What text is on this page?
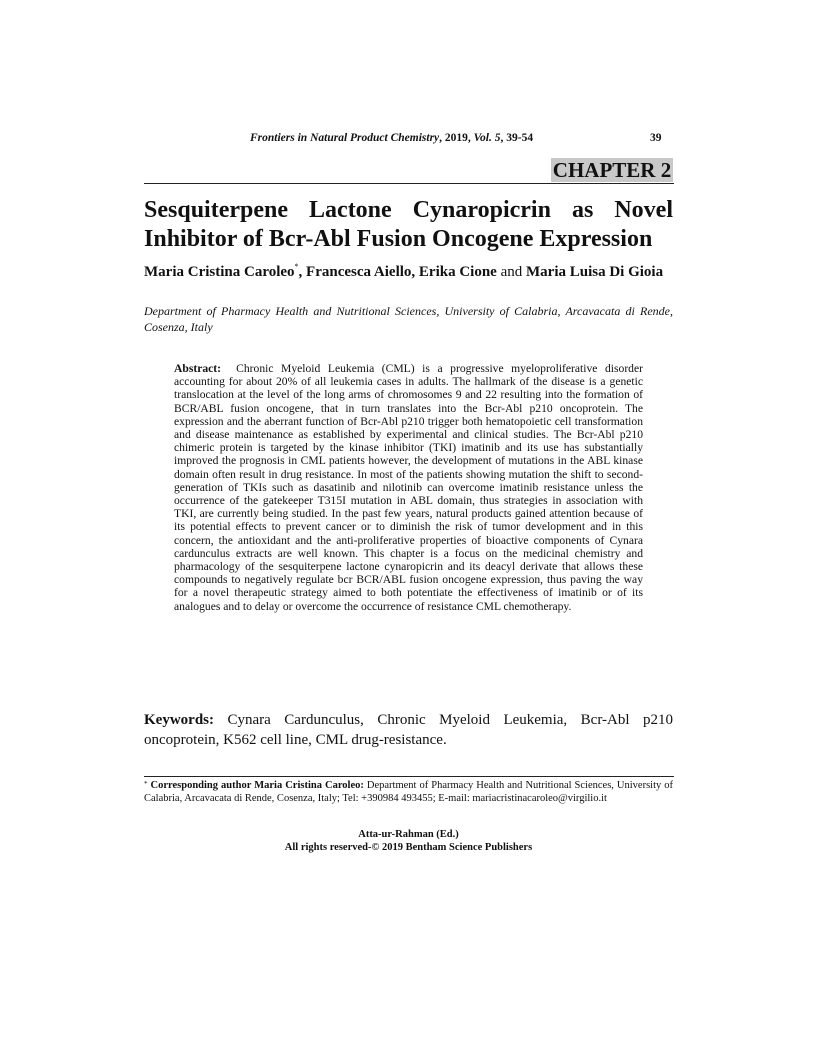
Frontiers in Natural Product Chemistry, 2019, Vol. 5, 39-54	39
CHAPTER 2
Sesquiterpene Lactone Cynaropicrin as Novel Inhibitor of Bcr-Abl Fusion Oncogene Expression

Maria Cristina Caroleo*, Francesca Aiello, Erika Cione and Maria Luisa Di Gioia

Department of Pharmacy Health and Nutritional Sciences, University of Calabria, Arcavacata di Rende, Cosenza, Italy

Abstract: Chronic Myeloid Leukemia (CML) is a progressive myeloproliferative disorder accounting for about 20% of all leukemia cases in adults. The hallmark of the disease is a genetic translocation at the level of the long arms of chromosomes 9 and 22 resulting into the formation of BCR/ABL fusion oncogene, that in turn translates into the Bcr-Abl p210 oncoprotein. The expression and the aberrant function of Bcr-Abl p210 trigger both hematopoietic cell transformation and disease maintenance as established by experimental and clinical studies. The Bcr-Abl p210 chimeric protein is targeted by the kinase inhibitor (TKI) imatinib and its use has substantially improved the prognosis in CML patients however, the development of mutations in the ABL kinase domain often result in drug resistance. In most of the patients showing mutation the shift to second-generation of TKIs such as dasatinib and nilotinib can overcome imatinib resistance unless the occurrence of the gatekeeper T315I mutation in ABL domain, thus strategies in association with TKI, are currently being studied. In the past few years, natural products gained attention because of its potential effects to prevent cancer or to diminish the risk of tumor development and in this concern, the antioxidant and the anti-proliferative properties of bioactive components of Cynara cardunculus extracts are well known. This chapter is a focus on the medicinal chemistry and pharmacology of the sesquiterpene lactone cynaropicrin and its deacyl derivate that allows these compounds to negatively regulate bcr BCR/ABL fusion oncogene expression, thus paving the way for a novel therapeutic strategy aimed to both potentiate the effectiveness of imatinib or of its analogues and to delay or overcome the occurrence of resistance CML chemotherapy.

Keywords: Cynara Cardunculus, Chronic Myeloid Leukemia, Bcr-Abl p210 oncoprotein, K562 cell line, CML drug-resistance.

* Corresponding author Maria Cristina Caroleo: Department of Pharmacy Health and Nutritional Sciences, University of Calabria, Arcavacata di Rende, Cosenza, Italy; Tel: +390984 493455; E-mail: mariacristinacaroleo@virgilio.it

Atta-ur-Rahman (Ed.)
All rights reserved-© 2019 Bentham Science Publishers
